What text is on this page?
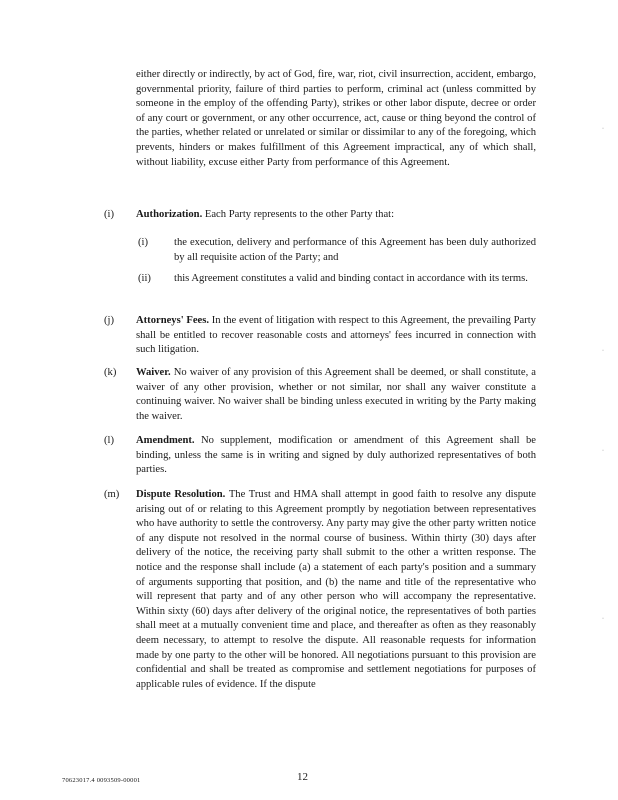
either directly or indirectly, by act of God, fire, war, riot, civil insurrection, accident, embargo, governmental priority, failure of third parties to perform, criminal act (unless committed by someone in the employ of the offending Party), strikes or other labor dispute, decree or order of any court or government, or any other occurrence, act, cause or thing beyond the control of the parties, whether related or unrelated or similar or dissimilar to any of the foregoing, which prevents, hinders or makes fulfillment of this Agreement impractical, any of which shall, without liability, excuse either Party from performance of this Agreement.
(i) Authorization. Each Party represents to the other Party that:
(i) the execution, delivery and performance of this Agreement has been duly authorized by all requisite action of the Party; and
(ii) this Agreement constitutes a valid and binding contact in accordance with its terms.
(j) Attorneys' Fees. In the event of litigation with respect to this Agreement, the prevailing Party shall be entitled to recover reasonable costs and attorneys' fees incurred in connection with such litigation.
(k) Waiver. No waiver of any provision of this Agreement shall be deemed, or shall constitute, a waiver of any other provision, whether or not similar, nor shall any waiver constitute a continuing waiver. No waiver shall be binding unless executed in writing by the Party making the waiver.
(l) Amendment. No supplement, modification or amendment of this Agreement shall be binding, unless the same is in writing and signed by duly authorized representatives of both parties.
(m) Dispute Resolution. The Trust and HMA shall attempt in good faith to resolve any dispute arising out of or relating to this Agreement promptly by negotiation between representatives who have authority to settle the controversy. Any party may give the other party written notice of any dispute not resolved in the normal course of business. Within thirty (30) days after delivery of the notice, the receiving party shall submit to the other a written response. The notice and the response shall include (a) a statement of each party's position and a summary of arguments supporting that position, and (b) the name and title of the representative who will represent that party and of any other person who will accompany the representative. Within sixty (60) days after delivery of the original notice, the representatives of both parties shall meet at a mutually convenient time and place, and thereafter as often as they reasonably deem necessary, to attempt to resolve the dispute. All reasonable requests for information made by one party to the other will be honored. All negotiations pursuant to this provision are confidential and shall be treated as compromise and settlement negotiations for purposes of applicable rules of evidence. If the dispute
·
·
·
·
70623017.4 0093509-00001	12
